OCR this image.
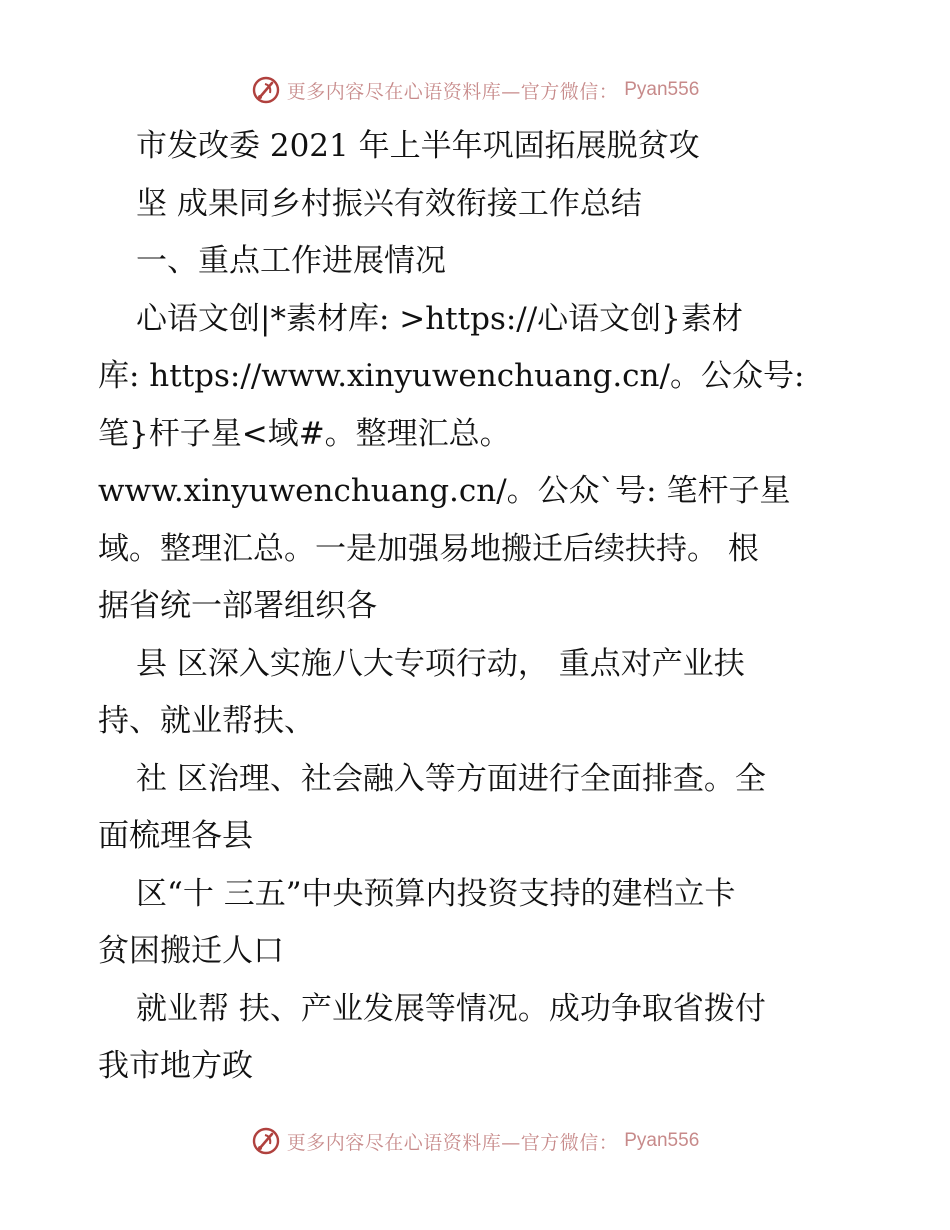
更多内容尽在心语资料库—官方微信： Pyan556
市发改委 2021 年上半年巩固拓展脱贫攻
坚 成果同乡村振兴有效衔接工作总结
一、重点工作进展情况
心语文创|*素材库: >https://心语文创}素材
库: https://www.xinyuwenchuang.cn/。公众号:
笔}杆子星<域#。整理汇总。
www.xinyuwenchuang.cn/。公众`号: 笔杆子星
域。整理汇总。一是加强易地搬迁后续扶持。 根
据省统一部署组织各
县 区深入实施八大专项行动， 重点对产业扶
持、就业帮扶、
社 区治理、社会融入等方面进行全面排查。全
面梳理各县
区“十 三五”中央预算内投资支持的建档立卡
贫困搬迁人口
就业帮 扶、产业发展等情况。成功争取省拨付
我市地方政
更多内容尽在心语资料库—官方微信： Pyan556
